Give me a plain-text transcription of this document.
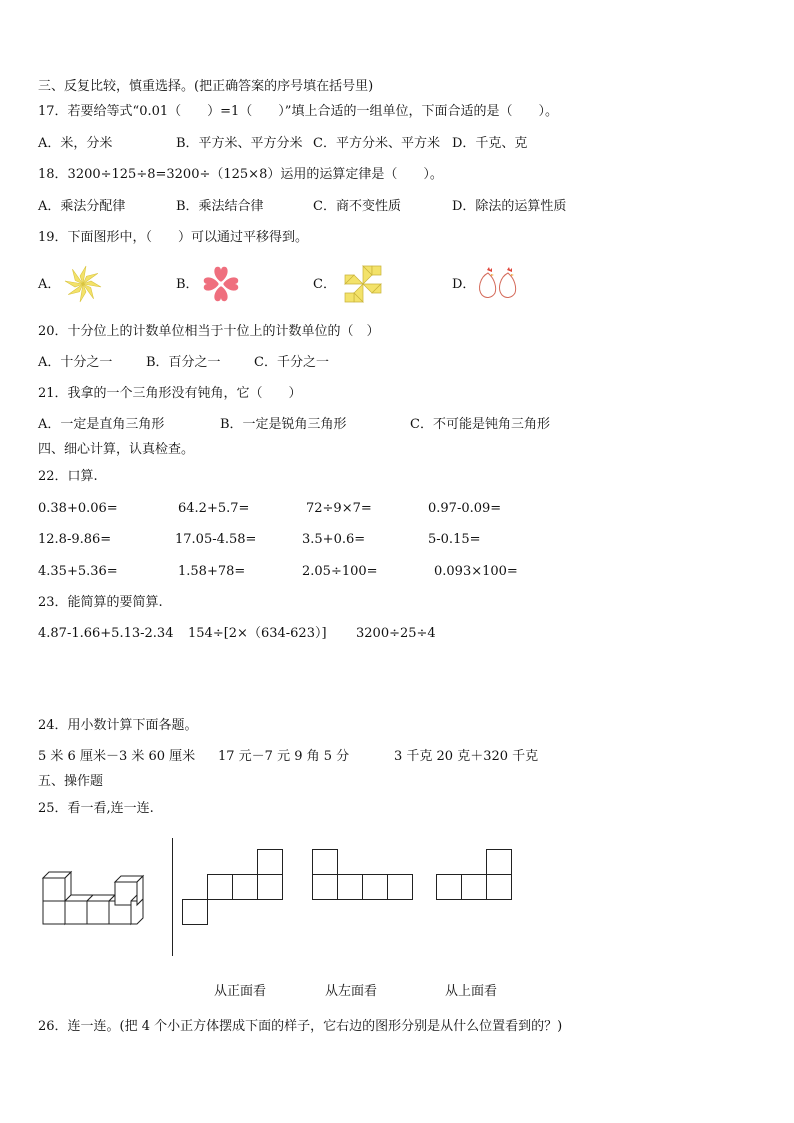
三、反复比较，慎重选择。(把正确答案的序号填在括号里)
17．若要给等式“0.01（　　）=1（　　）”填上合适的一组单位，下面合适的是（　　）。
A．米，分米	B．平方米、平方分米 C．平方分米、平方米 D．千克、克
18．3200÷125÷8=3200÷（125×8）运用的运算定律是（　　）。
A．乘法分配律	B．乘法结合律	C．商不变性质	D．除法的运算性质
19．下面图形中，（　　）可以通过平移得到。
A．	B．	C．	D．
20．十分位上的计数单位相当于十位上的计数单位的（　）
A．十分之一	B．百分之一	C．千分之一
21．我拿的一个三角形没有钝角，它（　　）
A．一定是直角三角形	B．一定是锐角三角形	C．不可能是钝角三角形
四、细心计算，认真检查。
22．口算.
0.38+0.06=	64.2+5.7=	72÷9×7=	0.97-0.09=
12.8-9.86=	17.05-4.58=	3.5+0.6=	5-0.15=
4.35+5.36=	1.58+78=	2.05÷100=	0.093×100=
23．能简算的要简算.
4.87-1.66+5.13-2.34 154÷[2×（634-623）] 3200÷25÷4
24．用小数计算下面各题。
5 米 6 厘米－3 米 60 厘米 17 元－7 元 9 角 5 分	3 千克 20 克＋320 千克
五、操作题
25．看一看,连一连.
从正面看	从左面看	从上面看
26．连一连。(把 4 个小正方体摆成下面的样子，它右边的图形分别是从什么位置看到的？)
